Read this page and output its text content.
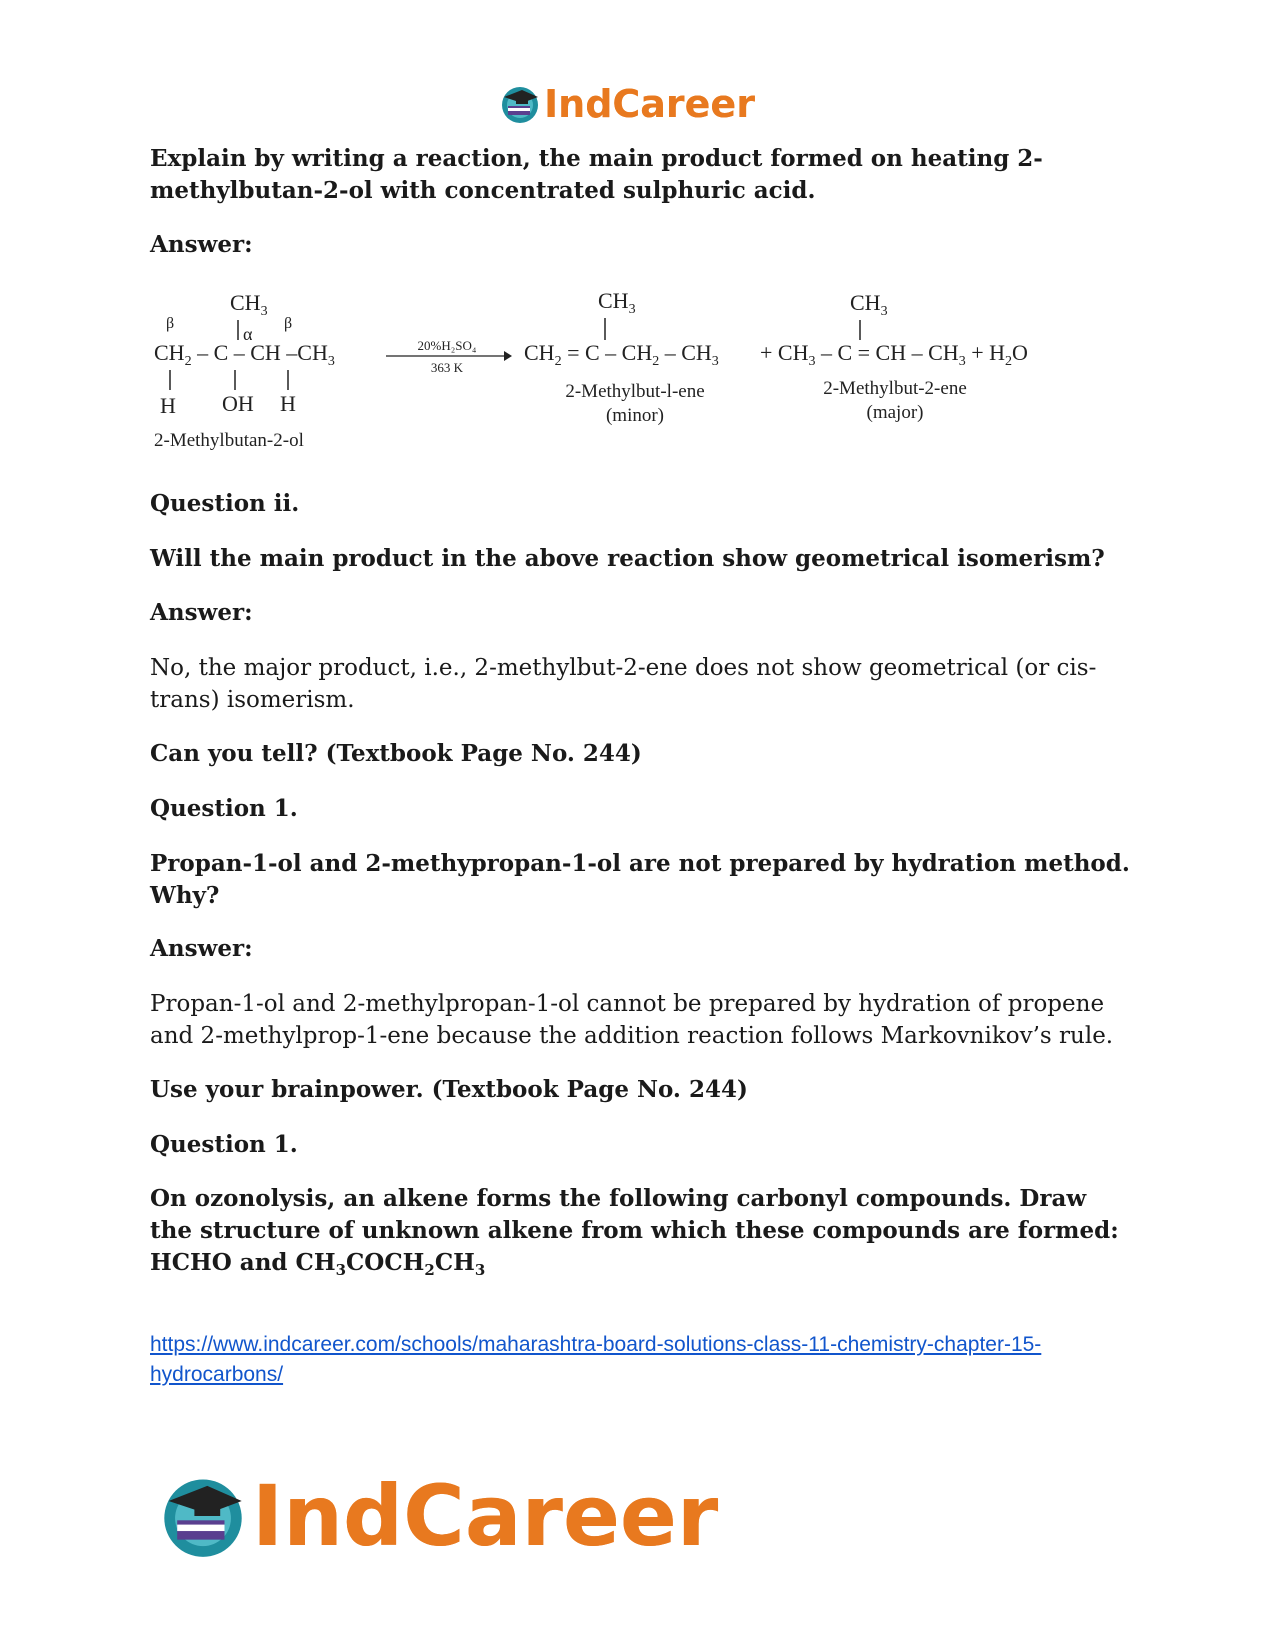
IndCareer

Explain by writing a reaction, the main product formed on heating 2-methylbutan-2-ol with concentrated sulphuric acid.

Answer:

$CH_3$
β
α
β
$CH_2$ – C – CH $-CH_3$
H OH H
2-Methylbutan-2-ol
20%H₂SO₄
363 K
$CH_3$
$CH_2 = C - CH_2 - CH_3$
2-Methylbut-l-ene
(minor)
$CH_3$
+ $CH_3$ – C = CH – $CH_3 + H_2O$
2-Methylbut-2-ene
(major)

Question ii.

Will the main product in the above reaction show geometrical isomerism?

Answer:

No, the major product, i.e., 2-methylbut-2-ene does not show geometrical (or cis-trans) isomerism.

Can you tell? (Textbook Page No. 244)

Question 1.

Propan-1-ol and 2-methypropan-1-ol are not prepared by hydration method. Why?

Answer:

Propan-1-ol and 2-methylpropan-1-ol cannot be prepared by hydration of propene and 2-methylprop-1-ene because the addition reaction follows Markovnikov’s rule.

Use your brainpower. (Textbook Page No. 244)

Question 1.

On ozonolysis, an alkene forms the following carbonyl compounds. Draw the structure of unknown alkene from which these compounds are formed:
HCHO and $CH_3COCH_2CH_3$

https://www.indcareer.com/schools/maharashtra-board-solutions-class-11-chemistry-chapter-15-hydrocarbons/
IndCareer
